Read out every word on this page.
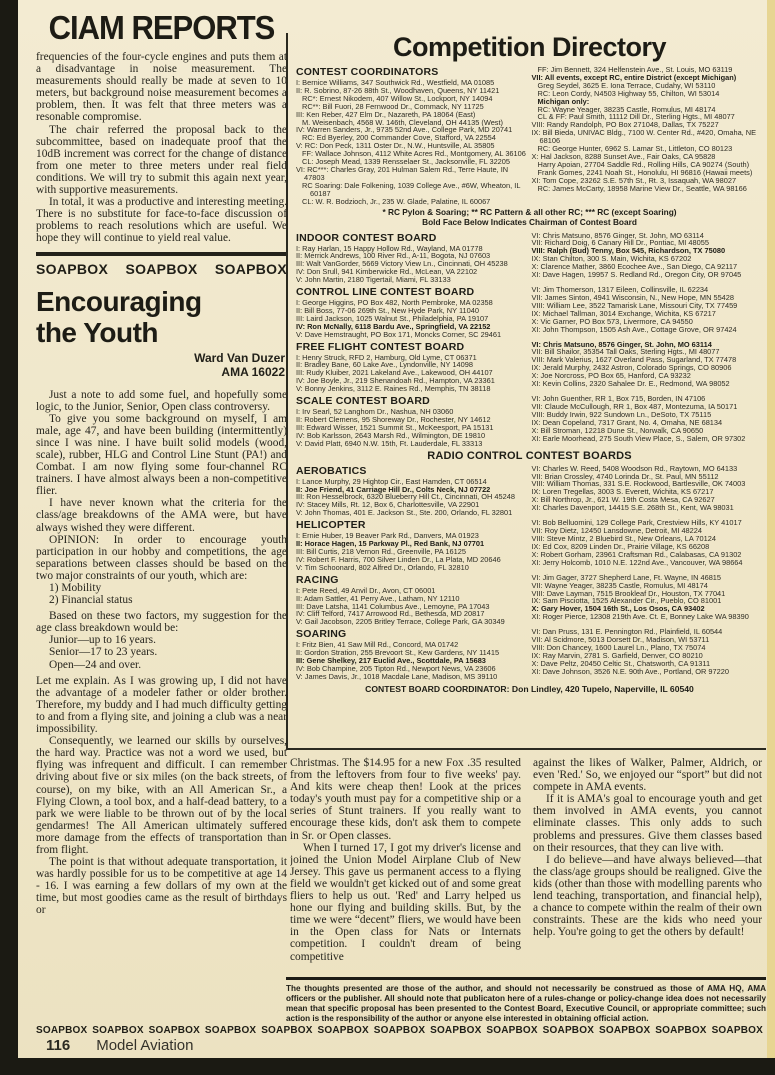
CIAM REPORTS

frequencies of the four-cycle engines and puts them at a disadvantage in noise measurement. The measurements should really be made at seven to 10 meters, but background noise measurement becomes a problem, then. It was felt that three meters was a resonable compromise.

The chair referred the proposal back to the subcommittee, based on inadequate proof that the 10dB increment was correct for the change of distance from one meter to three meters under real field conditions. We will try to submit this again next year, with supportive measurements.

In total, it was a productive and interesting meeting. There is no substitute for face-to-face discussion of problems to reach resolutions which are useful. We hope they will continue to yield real value.

SOAPBOX SOAPBOX SOAPBOX
Encouraging
the Youth
Ward Van Duzer
AMA 16022

Just a note to add some fuel, and hopefully some logic, to the Junior, Senior, Open class controversy.

To give you some background on myself, I am male, age 47, and have been building (intermittently) since I was nine. I have built solid models (wood, scale), rubber, HLG and Control Line Stunt (PA!) and Combat. I am now flying some four-channel RC trainers. I have almost always been a non-competitive flier.

I have never known what the criteria for the class/age breakdowns of the AMA were, but have always wished they were different.

OPINION: In order to encourage youth participation in our hobby and competitions, the age separations between classes should be based on the two major constraints of our youth, which are:

1) Mobility

2) Financial status

Based on these two factors, my suggestion for the age class breakdown would be:

Junior—up to 16 years.

Senior—17 to 23 years.

Open—24 and over.

Let me explain. As I was growing up, I did not have the advantage of a modeler father or older brother. Therefore, my buddy and I had much difficulty getting to and from a flying site, and joining a club was a near impossibility.

Consequently, we learned our skills by ourselves, the hard way. Practice was not a word we used, but flying was infrequent and difficult. I can remember driving about five or six miles (on the back streets, of course), on my bike, with an All American Sr., a Flying Clown, a tool box, and a half-dead battery, to a park we were liable to be thrown out of by the local gendarmes! The All American ultimately suffered more damage from the effects of transportation than from flight.

The point is that without adequate transportation, it was hardly possible for us to be competitive at age 14 - 16. I was earning a few dollars of my own at the time, but most goodies came as the result of birthdays or

Competition Directory
CONTEST COORDINATORS
I: Bernice Williams, 347 Southwick Rd., Westfield, MA 01085
II: R. Sobrino, 87-26 88th St., Woodhaven, Queens, NY 11421
RC*: Ernest Nikodem, 407 Willow St., Lockport, NY 14094
RC**: Bill Fuori, 28 Fernwood Dr., Commack, NY 11725
III: Ken Reber, 427 Elm Dr., Nazareth, PA 18064 (East)
M. Weisenbach, 4568 W. 146th, Cleveland, OH 44135 (West)
IV: Warren Sanders, Jr., 9735 52nd Ave., College Park, MD 20741
RC: Ed Byerley, 200 Commander Cove, Stafford, VA 22554
V: RC: Don Peck, 1311 Oster Dr., N.W., Huntsville, AL 35805
FF: Wallace Johnson, 4112 White Acres Rd., Montgomery, AL 36106
CL: Joseph Mead, 1339 Rensselaer St., Jacksonville, FL 32205
VI: RC***: Charles Gray, 201 Hulman Salem Rd., Terre Haute, IN 47803
RC Soaring: Dale Folkening, 1039 College Ave., #6W, Wheaton, IL 60187
CL: W. R. Bodzioch, Jr., 235 W. Glade, Palatine, IL 60067
FF: Jim Bennett, 324 Helfenstein Ave., St. Louis, MO 63119
VII: All events, except RC, entire District (except Michigan)
Greg Seydel, 3625 E. Iona Terrace, Cudahy, WI 53110
RC: Leon Cordy, N4503 Highway 55, Chilton, WI 53014
Michigan only:
RC: Wayne Yeager, 38235 Castle, Romulus, MI 48174
CL & FF: Paul Smith, 11112 Dill Dr., Sterling Hgts., MI 48077
VIII: Randy Randolph, PO Box 271048, Dallas, TX 75227
IX: Bill Bieda, UNIVAC Bldg., 7100 W. Center Rd., #420, Omaha, NE 68106
RC: George Hunter, 6962 S. Lamar St., Littleton, CO 80123
X: Hal Jackson, 8288 Sunset Ave., Fair Oaks, CA 95828
Harry Apoian, 27704 Saddle Rd., Rolling Hills, CA 90274 (South)
Frank Gomes, 2241 Noah St., Honolulu, HI 96816 (Hawaii meets)
XI: Tom Cope, 23262 S.E. 57th St., Rt. 3, Issaquah, WA 98027
RC: James McCarty, 18958 Marine View Dr., Seattle, WA 98166
* RC Pylon & Soaring; ** RC Pattern & all other RC; *** RC (except Soaring)
Bold Face Below Indicates Chairman of Contest Board
INDOOR CONTEST BOARD
I: Ray Harlan, 15 Happy Hollow Rd., Wayland, MA 01778
II: Merrick Andrews, 100 River Rd., A-11, Bogota, NJ 07603
III: Walt VanGorder, 5669 Victory View Ln., Cincinnati, OH 45238
IV: Don Srull, 941 Kimberwicke Rd., McLean, VA 22102
V: John Martin, 2180 Tigertail, Miami, FL 33133
VI: Chris Matsuno, 8576 Ginger, St. John, MO 63114
VII: Richard Doig, 6 Canary Hill Dr., Pontiac, MI 48055
VIII: Ralph (Bud) Tenny, Box 545, Richardson, TX 75080
IX: Stan Chilton, 300 S. Main, Wichita, KS 67202
X: Clarence Mather, 3860 Ecochee Ave., San Diego, CA 92117
XI: Dave Hagen, 19957 S. Redland Rd., Oregon City, OR 97045
CONTROL LINE CONTEST BOARD
I: George Higgins, PO Box 482, North Pembroke, MA 02358
II: Bill Boss, 77-06 269th St., New Hyde Park, NY 11040
III: Laird Jackson, 1025 Walnut St., Philadelphia, PA 19107
IV: Ron McNally, 6118 Bardu Ave., Springfield, VA 22152
V: Dave Hemstraught, PO Box 171, Moncks Corner, SC 29461
VI: Jim Thomerson, 1317 Eileen, Collinsville, IL 62234
VII: James Sinton, 4941 Wisconsin, N., New Hope, MN 55428
VIII: William Lee, 3522 Tamarisk Lane, Missouri City, TX 77459
IX: Michael Tallman, 3014 Exchange, Wichita, KS 67217
X: Vic Garner, PO Box 573, Livermore, CA 94550
XI: John Thompson, 1505 Ash Ave., Cottage Grove, OR 97424
FREE FLIGHT CONTEST BOARD
I: Henry Struck, RFD 2, Hamburg, Old Lyme, CT 06371
II: Bradley Bane, 60 Lake Ave., Lyndonville, NY 14098
III: Rudy Kluiber, 2021 Lakeland Ave., Lakewood, OH 44107
IV: Joe Boyle, Jr., 219 Shenandoah Rd., Hampton, VA 23361
V: Bonny Jenkins, 3112 E. Raines Rd., Memphis, TN 38118
VI: Chris Matsuno, 8576 Ginger, St. John, MO 63114
VII: Bill Shailor, 35354 Tall Oaks, Sterling Hgts., MI 48077
VIII: Mark Valerius, 1627 Overland Pass, Sugarland, TX 77478
IX: Jerald Murphy, 2432 Astron, Colorado Springs, CO 80906
X: Joe Norcross, PO Box 65, Hanford, CA 93232
XI: Kevin Collins, 2320 Sahalee Dr. E., Redmond, WA 98052
SCALE CONTEST BOARD
I: Irv Searl, 52 Langhom Dr., Nashua, NH 03060
II: Robert Clemens, 95 Shoreway Dr., Rochester, NY 14612
III: Edward Wisser, 1521 Summit St., McKeesport, PA 15131
IV: Bob Karlsson, 2643 Marsh Rd., Wilmington, DE 19810
V: David Platt, 6940 N.W. 15th, Ft. Lauderdale, FL 33313
VI: John Guenther, RR 1, Box 715, Borden, IN 47106
VII: Claude McCullough, RR 1, Box 487, Montezuma, IA 50171
VIII: Buddy Irwin, 922 Sundown Ln., DeSoto, TX 75115
IX: Dean Copeland, 7317 Grant, No. 4, Omaha, NE 68134
X: Bill Stroman, 12218 Dune St., Norwalk, CA 90650
XI: Earle Moorhead, 275 South View Place, S., Salem, OR 97302
RADIO CONTROL CONTEST BOARDS
AEROBATICS
I: Lance Murphy, 29 Hightop Cir., East Hamden, CT 06514
II: Joe Friend, 41 Carriage Hill Dr., Colts Neck, NJ 07722
III: Ron Hesselbrock, 6320 Blueberry Hill Ct., Cincinnati, OH 45248
IV: Stacey Mills, Rt. 12, Box 6, Charlottesville, VA 22901
V: John Thomas, 401 E. Jackson St., Ste. 200, Orlando, FL 32801
VI: Charles W. Reed, 5408 Woodson Rd., Raytown, MO 64133
VII: Brian Crossley, 4740 Lorinda Dr., St. Paul, MN 55112
VIII: William Thomas, 331 S.E. Rockwood, Bartlesville, OK 74003
IX: Loren Tregellas, 3003 S. Everett, Wichita, KS 67217
X: Bill Northrop, Jr., 621 W. 19th Costa Mesa, CA 92627
XI: Charles Davenport, 14415 S.E. 268th St., Kent, WA 98031
HELICOPTER
I: Ernie Huber, 19 Beaver Park Rd., Danvers, MA 01923
II: Horace Hagen, 15 Parkway Pl., Red Bank, NJ 07701
III: Bill Curtis, 218 Vernon Rd., Greenville, PA 16125
IV: Robert F. Harris, 700 Silver Linden Dr., La Plata, MD 20646
V: Tim Schoonard, 802 Alfred Dr., Orlando, FL 32810
VI: Bob Belluomini, 129 College Park, Crestview Hills, KY 41017
VII: Roy Dietz, 12450 Lansdowne, Detroit, MI 48224
VIII: Steve Mintz, 2 Bluebird St., New Orleans, LA 70124
IX: Ed Cox, 8209 Linden Dr., Prairie Village, KS 66208
X: Robert Gorham, 23961 Craftsman Rd., Calabasas, CA 91302
XI: Jerry Holcomb, 1010 N.E. 122nd Ave., Vancouver, WA 98664
RACING
I: Pete Reed, 49 Anvil Dr., Avon, CT 06001
II: Adam Sattler, 41 Perry Ave., Latham, NY 12110
III: Dave Latsha, 1141 Columbus Ave., Lemoyne, PA 17043
IV: Cliff Telford, 7417 Arrowood Rd., Bethesda, MD 20817
V: Gail Jacobson, 2205 Britley Terrace, College Park, GA 30349
VI: Jim Gager, 3727 Shepherd Lane, Ft. Wayne, IN 46815
VII: Wayne Yeager, 38235 Castle, Romulus, MI 48174
VIII: Dave Layman, 7515 Brookleaf Dr., Houston, TX 77041
IX: Sam Pisciotta, 1525 Alexander Cir., Pueblo, CO 81001
X: Gary Hover, 1504 16th St., Los Osos, CA 93402
XI: Roger Pierce, 12308 219th Ave. Ct. E, Bonney Lake WA 98390
SOARING
I: Fritz Bien, 41 Saw Mill Rd., Concord, MA 01742
II: Gordon Stration, 255 Brevoort St., Kew Gardens, NY 11415
III: Gene Shelkey, 217 Euclid Ave., Scottdale, PA 15683
IV: Bob Champine, 205 Tipton Rd., Newport News, VA 23606
V: James Davis, Jr., 1018 Macdale Lane, Madison, MS 39110
VI: Dan Pruss, 131 E. Pennington Rd., Plainfield, IL 60544
VII: Al Scidmore, 5013 Dorsett Dr., Madison, WI 53711
VIII: Don Chancey, 1600 Laurel Ln., Plano, TX 75074
IX: Ray Marvin, 2781 S. Garfield, Denver, CO 80210
X: Dave Peltz, 20450 Celtic St., Chatsworth, CA 91311
XI: Dave Johnson, 3526 N.E. 90th Ave., Portland, OR 97220
CONTEST BOARD COORDINATOR: Don Lindley, 420 Tupelo, Naperville, IL 60540

Christmas. The $14.95 for a new Fox .35 resulted from the leftovers from four to five weeks' pay. And kits were cheap then! Look at the prices today's youth must pay for a competitive ship or a series of Stunt trainers. If you really want to encourage these kids, don't ask them to compete in Sr. or Open classes.

When I turned 17, I got my driver's license and joined the Union Model Airplane Club of New Jersey. This gave us permanent access to a flying field we wouldn't get kicked out of and some great fliers to help us out. 'Red' and Larry helped us hone our flying and building skills. But, by the time we were “decent” fliers, we would have been in the Open class for Nats or Internats competition. I couldn't dream of being competitive

against the likes of Walker, Palmer, Aldrich, or even 'Red.' So, we enjoyed our “sport” but did not compete in AMA events.

If it is AMA's goal to encourage youth and get them involved in AMA events, you cannot eliminate classes. This only adds to such problems and pressures. Give them classes based on their resources, that they can live with.

I do believe—and have always believed—that the class/age groups should be realigned. Give the kids (other than those with modelling parents who lend teaching, transportation, and financial help), a chance to compete within the realm of their own constraints. These are the kids who need your help. You're going to get the others by default!

The thoughts presented are those of the author, and should not necessarily be construed as those of AMA HQ, AMA officers or the publisher. All should note that publicaton here of a rules-change or policy-change idea does not necessarily mean that specific proposal has been presented to the Contest Board, Executive Council, or appropriate committee; such action is the responsibility of the author or anyone else interested in obtaining official action.
SOAPBOX SOAPBOX SOAPBOX SOAPBOX SOAPBOX SOAPBOX SOAPBOX SOAPBOX SOAPBOX SOAPBOX SOAPBOX SOAPBOX SOAPBOX
116 Model Aviation
